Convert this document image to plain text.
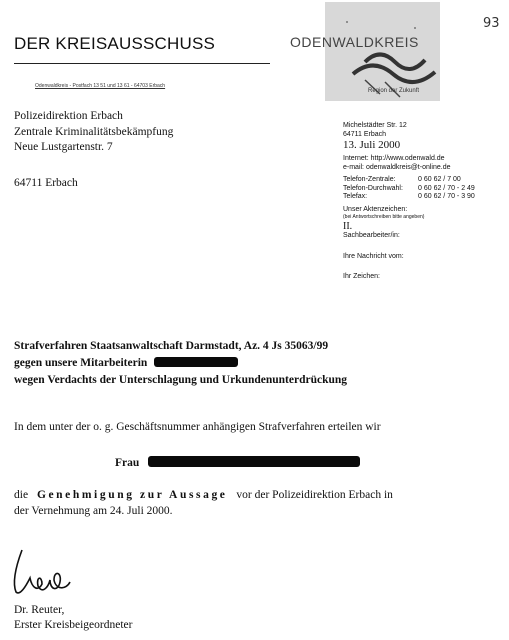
DER KREISAUSSCHUSS
Odenwaldkreis - Postfach 13 51 und 13 61 - 64703 Erbach
ODENWALDKREIS
Region der Zukunft
93
Polizeidirektion Erbach
Zentrale Kriminalitätsbekämpfung
Neue Lustgartenstr. 7
64711 Erbach
Michelstädter Str. 12
64711 Erbach
13. Juli 2000
Internet: http://www.odenwald.de
e-mail: odenwaldkreis@t-online.de
Telefon-Zentrale:	0 60 62 / 7 00
Telefon-Durchwahl:	0 60 62 / 70 - 2 49
Telefax:	0 60 62 / 70 - 3 90
Unser Aktenzeichen:
(bei Antwortschreiben bitte angeben)
II.
Sachbearbeiter/in:
Ihre Nachricht vom:
Ihr Zeichen:
Strafverfahren Staatsanwaltschaft Darmstadt, Az. 4 Js 35063/99
gegen unsere Mitarbeiterin
wegen Verdachts der Unterschlagung und Urkundenunterdrückung
In dem unter der o. g. Geschäftsnummer anhängigen Strafverfahren erteilen wir
Frau
die Genehmigung zur Aussage vor der Polizeidirektion Erbach in
der Vernehmung am 24. Juli 2000.
Dr. Reuter,
Erster Kreisbeigeordneter
